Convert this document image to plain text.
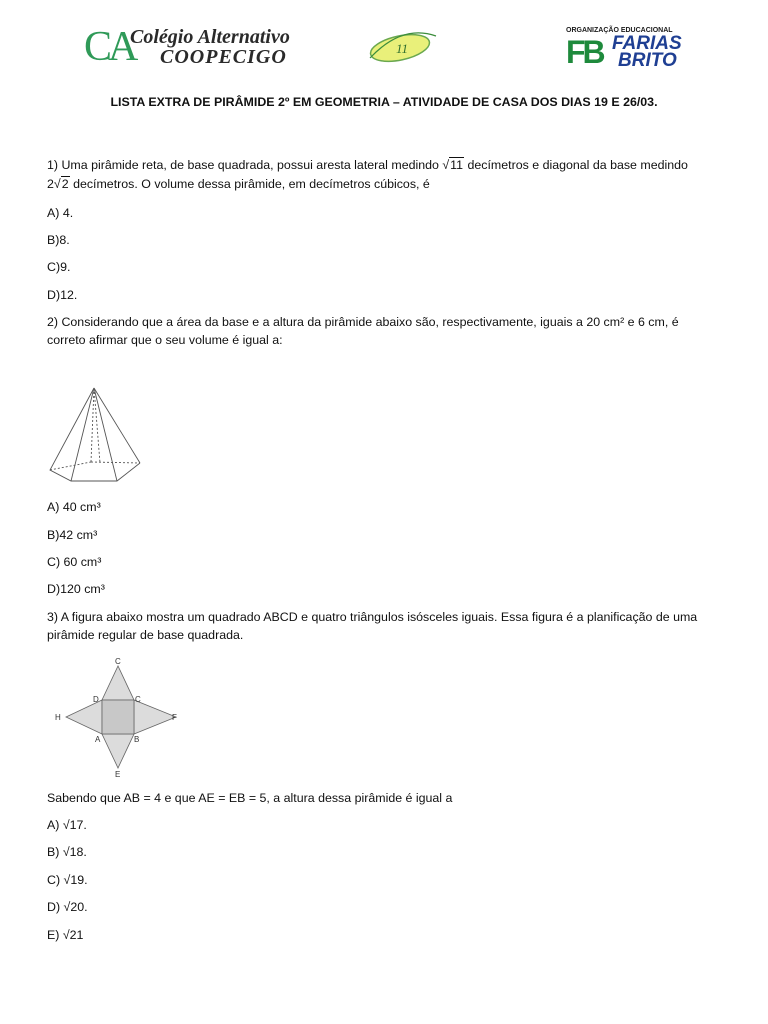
CA
Colégio Alternativo
COOPECIGO	11
ORGANIZAÇÃO EDUCACIONAL
FB FARIAS
BRITO
LISTA EXTRA DE PIRÂMIDE 2º EM GEOMETRIA – ATIVIDADE DE CASA DOS DIAS 19 E 26/03.
1) Uma pirâmide reta, de base quadrada, possui aresta lateral medindo √11 decímetros e diagonal da base medindo
2√2 decímetros. O volume dessa pirâmide, em decímetros cúbicos, é
A) 4.
B)8.
C)9.
D)12.
2) Considerando que a área da base e a altura da pirâmide abaixo são, respectivamente, iguais a 20 cm² e 6 cm, é
correto afirmar que o seu volume é igual a:
A) 40 cm³
B)42 cm³
C) 60 cm³
D)120 cm³
3) A figura abaixo mostra um quadrado ABCD e quatro triângulos isósceles iguais. Essa figura é a planificação de uma
pirâmide regular de base quadrada.
C
D	C
H	F
A	B
E
Sabendo que AB = 4 e que AE = EB = 5, a altura dessa pirâmide é igual a
A) √17.
B) √18.
C) √19.
D) √20.
E) √21
